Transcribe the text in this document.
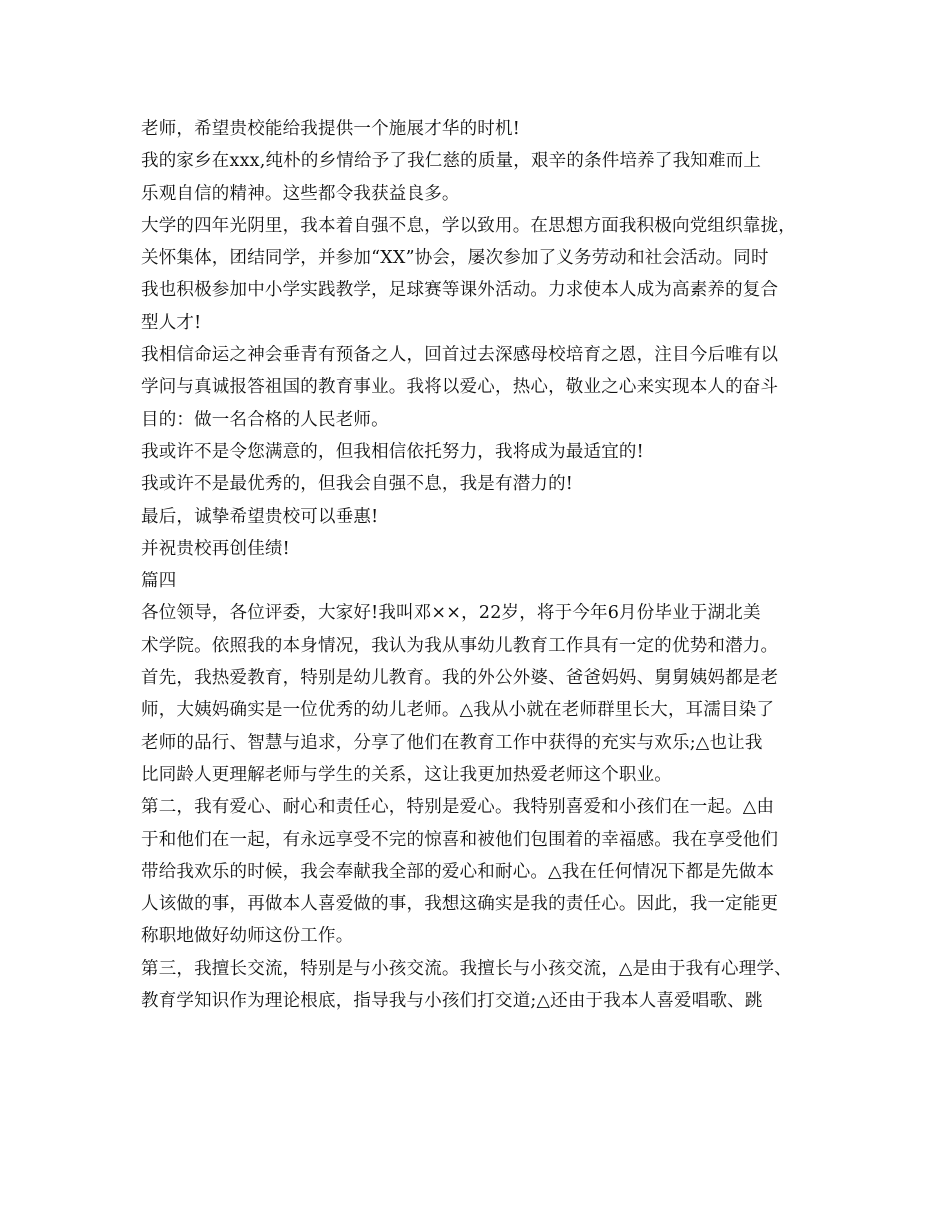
老师，希望贵校能给我提供一个施展才华的时机!
我的家乡在xxx,纯朴的乡情给予了我仁慈的质量，艰辛的条件培养了我知难而上
乐观自信的精神。这些都令我获益良多。
大学的四年光阴里，我本着自强不息，学以致用。在思想方面我积极向党组织靠拢，
关怀集体，团结同学，并参加“XX”协会，屡次参加了义务劳动和社会活动。同时
我也积极参加中小学实践教学，足球赛等课外活动。力求使本人成为高素养的复合
型人才!
我相信命运之神会垂青有预备之人，回首过去深感母校培育之恩，注目今后唯有以
学问与真诚报答祖国的教育事业。我将以爱心，热心，敬业之心来实现本人的奋斗
目的：做一名合格的人民老师。
我或许不是令您满意的，但我相信依托努力，我将成为最适宜的!
我或许不是最优秀的，但我会自强不息，我是有潜力的!
最后，诚挚希望贵校可以垂惠!
并祝贵校再创佳绩!
篇四
各位领导，各位评委，大家好!我叫邓××，22岁，将于今年6月份毕业于湖北美
术学院。依照我的本身情况，我认为我从事幼儿教育工作具有一定的优势和潜力。
首先，我热爱教育，特别是幼儿教育。我的外公外婆、爸爸妈妈、舅舅姨妈都是老
师，大姨妈确实是一位优秀的幼儿老师。△我从小就在老师群里长大，耳濡目染了
老师的品行、智慧与追求，分享了他们在教育工作中获得的充实与欢乐;△也让我
比同龄人更理解老师与学生的关系，这让我更加热爱老师这个职业。
第二，我有爱心、耐心和责任心，特别是爱心。我特别喜爱和小孩们在一起。△由
于和他们在一起，有永远享受不完的惊喜和被他们包围着的幸福感。我在享受他们
带给我欢乐的时候，我会奉献我全部的爱心和耐心。△我在任何情况下都是先做本
人该做的事，再做本人喜爱做的事，我想这确实是我的责任心。因此，我一定能更
称职地做好幼师这份工作。
第三，我擅长交流，特别是与小孩交流。我擅长与小孩交流，△是由于我有心理学、
教育学知识作为理论根底，指导我与小孩们打交道;△还由于我本人喜爱唱歌、跳
